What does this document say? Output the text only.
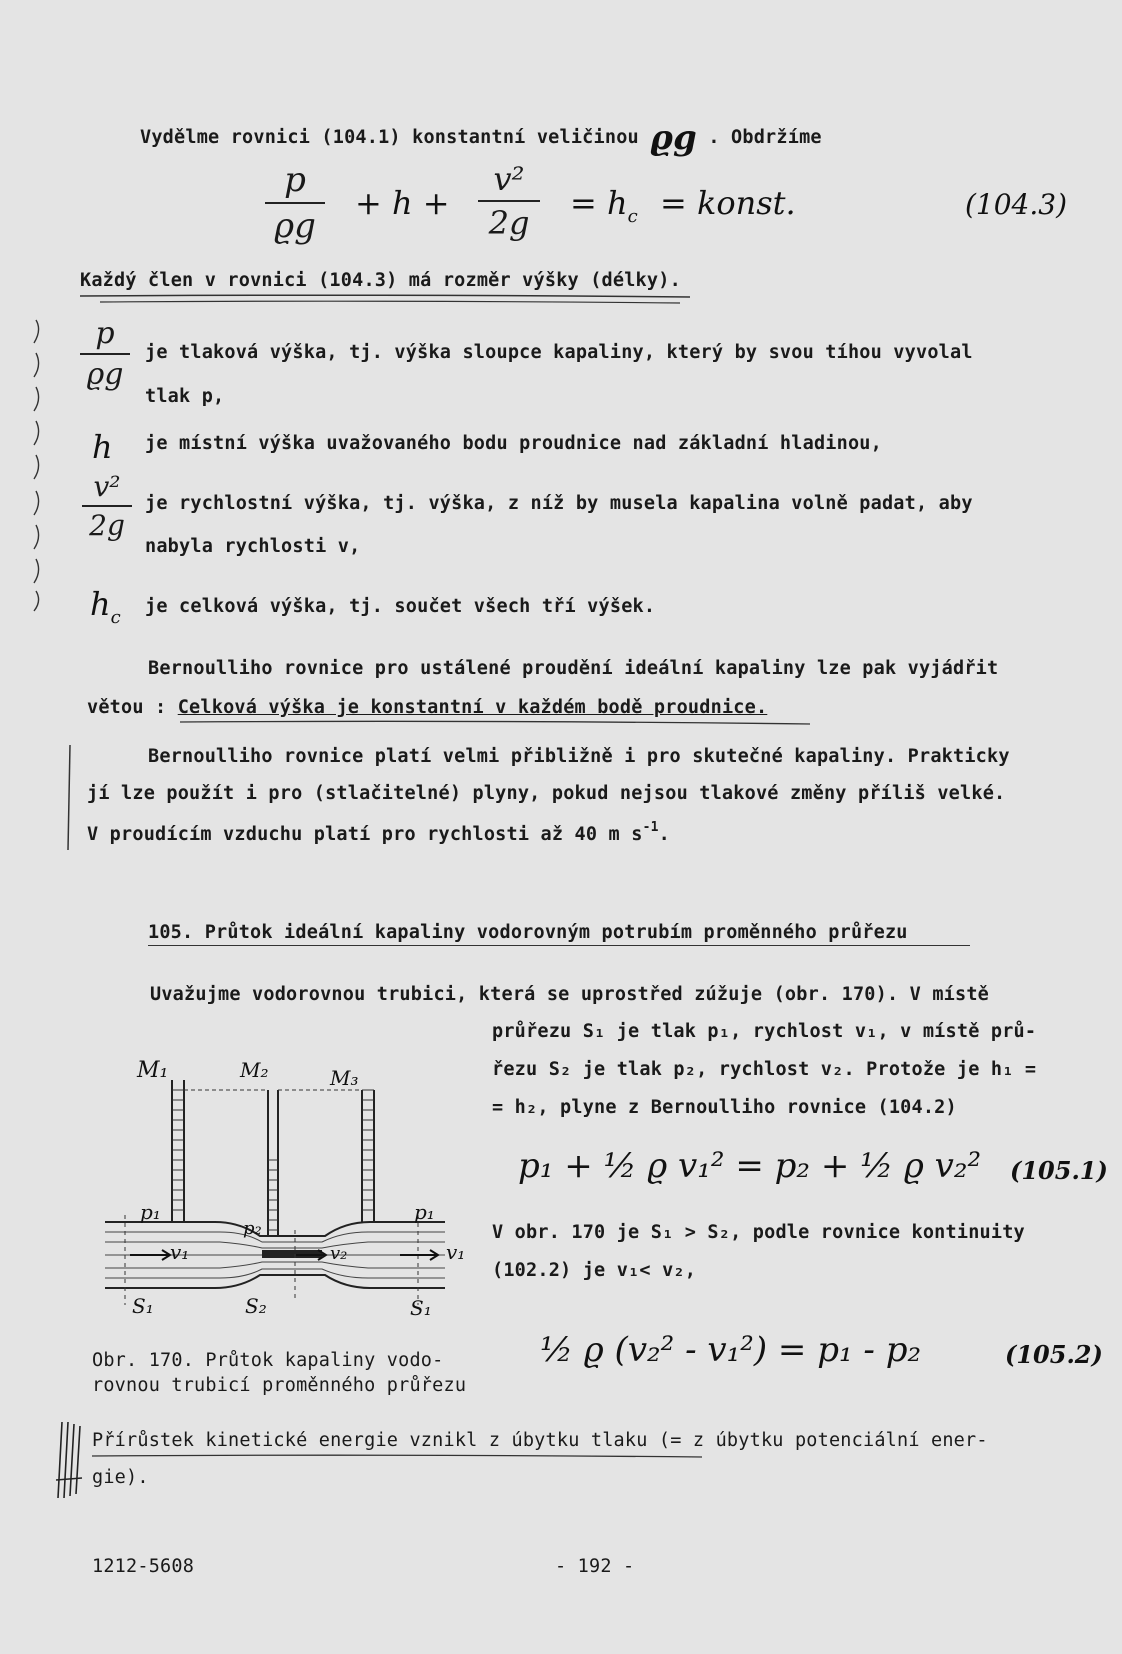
Vydělme rovnici (104.1) konstantní veličinou ϱg . Obdržíme
p
ϱg
+ h +
v²
2g
= $h_c$ = konst.	(104.3)
Každý člen v rovnici (104.3) má rozměr výšky (délky).
p
ϱg
je tlaková výška, tj. výška sloupce kapaliny, který by svou tíhou vyvolal
tlak p,
h je místní výška uvažovaného bodu proudnice nad základní hladinou,
v²
2g
je rychlostní výška, tj. výška, z níž by musela kapalina volně padat, aby
nabyla rychlosti v,
$h_c$
je celková výška, tj. součet všech tří výšek.
Bernoulliho rovnice pro ustálené proudění ideální kapaliny lze pak vyjádřit
větou : Celková výška je konstantní v každém bodě proudnice.
Bernoulliho rovnice platí velmi přibližně i pro skutečné kapaliny. Prakticky
jí lze použít i pro (stlačitelné) plyny, pokud nejsou tlakové změny příliš velké.
V proudícím vzduchu platí pro rychlosti až 40 m $s^{-1}$.
105. Průtok ideální kapaliny vodorovným potrubím proměnného průřezu
Uvažujme vodorovnou trubici, která se uprostřed zúžuje (obr. 170). V místě
průřezu S₁ je tlak p₁, rychlost v₁, v místě prů-
řezu S₂ je tlak p₂, rychlost v₂. Protože je h₁ =
= h₂, plyne z Bernoulliho rovnice (104.2)
p₁ + ½ ϱ v₁² = p₂ + ½ ϱ v₂² (105.1)
V obr. 170 je S₁ > S₂, podle rovnice kontinuity
(102.2) je v₁< v₂,
½ ϱ (v₂² - v₁²) = p₁ - p₂	(105.2)
M₁	M₂	M₃
p₁
p₂
p₁
v₁	v₂	v₁
S₁	S₂	S₁
Obr. 170. Průtok kapaliny vodo-
rovnou trubicí proměnného průřezu
Přírůstek kinetické energie vznikl z úbytku tlaku (= z úbytku potenciální ener-
gie).
1212-5608	- 192 -
